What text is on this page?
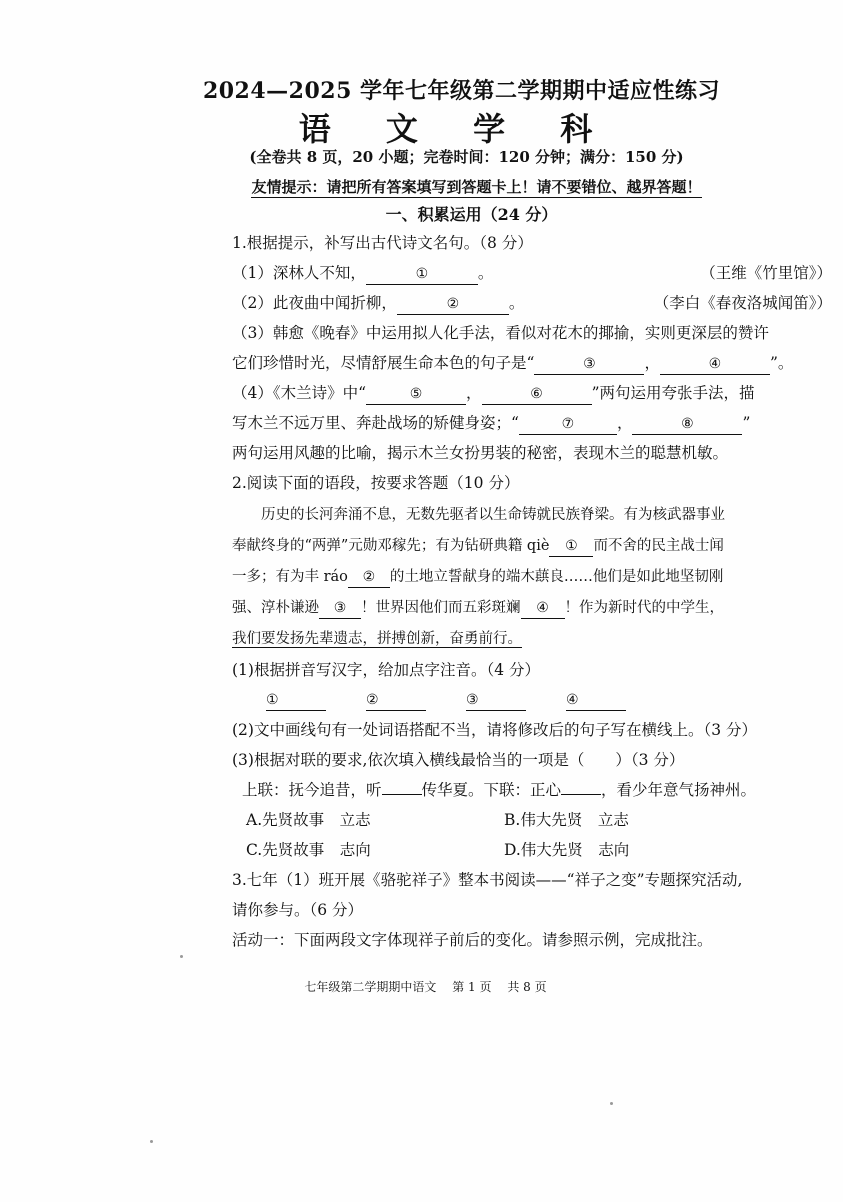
2024—2025 学年七年级第二学期期中适应性练习
语 文 学 科
(全卷共 8 页，20 小题；完卷时间：120 分钟；满分：150 分)
友情提示：请把所有答案填写到答题卡上！请不要错位、越界答题！
一、积累运用（24 分）
1.根据提示，补写出古代诗文名句。（8 分）
（1）深林人不知，	①	。	（王维《竹里馆》）
（2）此夜曲中闻折柳，	②	。	（李白《春夜洛城闻笛》）
（3）韩愈《晚春》中运用拟人化手法，看似对花木的揶揄，实则更深层的赞许
它们珍惜时光，尽情舒展生命本色的句子是“	③	，	④	”。
（4）《木兰诗》中“	⑤	，	⑥	”两句运用夸张手法，描
写木兰不远万里、奔赴战场的矫健身姿；“	⑦	，	⑧	”
两句运用风趣的比喻，揭示木兰女扮男装的秘密，表现木兰的聪慧机敏。
2.阅读下面的语段，按要求答题（10 分）
历史的长河奔涌不息，无数先驱者以生命铸就民族脊梁。有为核武器事业
奉献终身的“两弹”元勋邓稼先；有为钻研典籍 qiè ① 而不舍的民主战士闻
一多；有为丰 ráo ② 的土地立誓献身的端木蕻良……他们是如此地坚韧刚
强、淳朴谦逊 ③ ！世界因他们而五彩斑斓 ④ ！作为新时代的中学生，
我们要发扬先辈遗志，拼搏创新，奋勇前行。
(1)根据拼音写汉字，给加点字注音。（4 分）
①	②	③	④
(2)文中画线句有一处词语搭配不当，请将修改后的句子写在横线上。（3 分）
(3)根据对联的要求,依次填入横线最恰当的一项是（　　）（3 分）
上联：抚今追昔，听	传华夏。下联：正心	，看少年意气扬神州。
A.先贤故事　立志	B.伟大先贤　立志
C.先贤故事　志向	D.伟大先贤　志向
3.七年（1）班开展《骆驼祥子》整本书阅读——“祥子之变”专题探究活动,
请你参与。（6 分）
活动一：下面两段文字体现祥子前后的变化。请参照示例，完成批注。
七年级第二学期期中语文 第 1 页 共 8 页
